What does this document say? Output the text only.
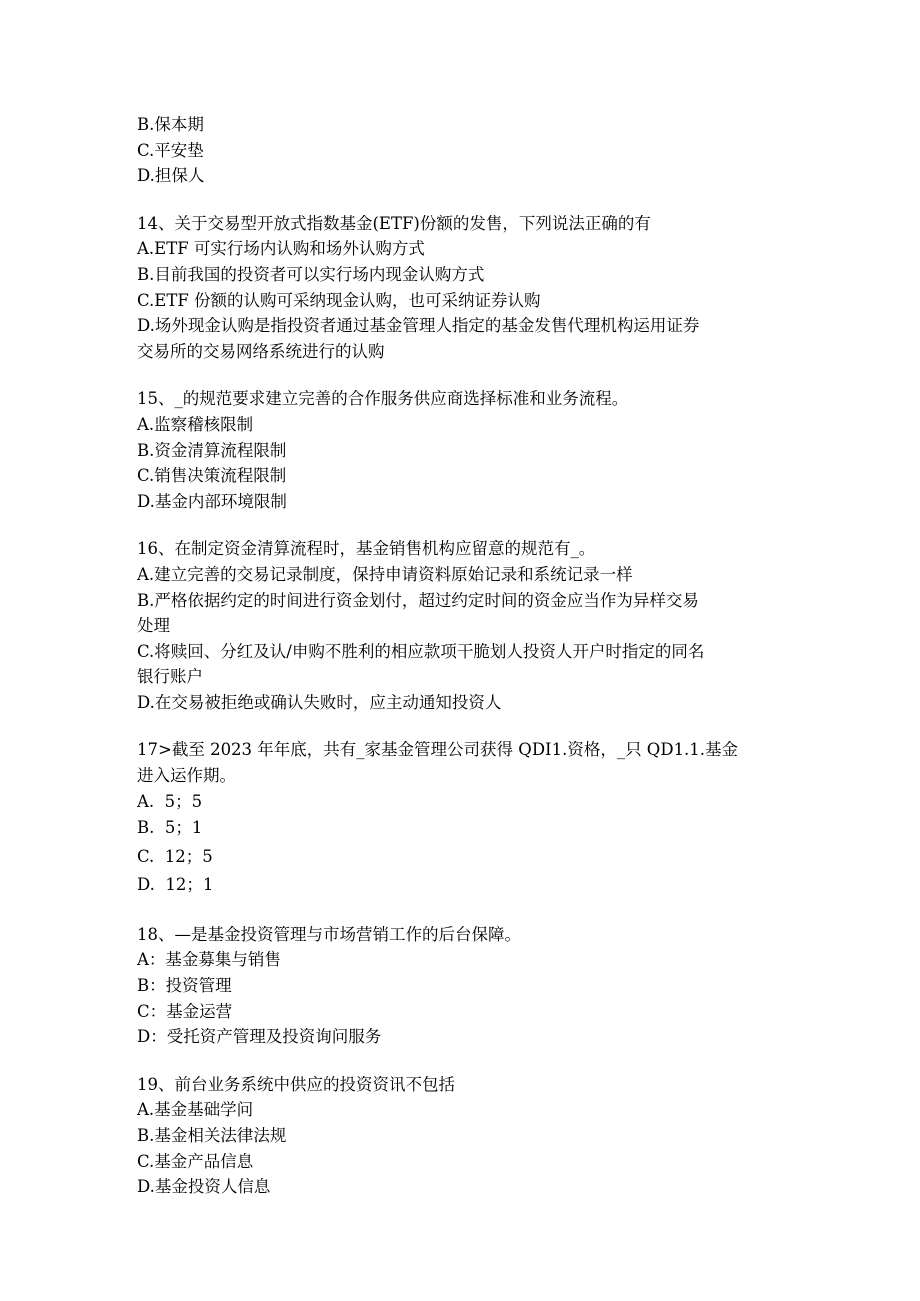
B.保本期
C.平安垫
D.担保人
14、关于交易型开放式指数基金(ETF)份额的发售，下列说法正确的有
A.ETF 可实行场内认购和场外认购方式
B.目前我国的投资者可以实行场内现金认购方式
C.ETF 份额的认购可采纳现金认购，也可采纳证券认购
D.场外现金认购是指投资者通过基金管理人指定的基金发售代理机构运用证券
交易所的交易网络系统进行的认购
15、_的规范要求建立完善的合作服务供应商选择标准和业务流程。
A.监察稽核限制
B.资金清算流程限制
C.销售决策流程限制
D.基金内部环境限制
16、在制定资金清算流程时，基金销售机构应留意的规范有_。
A.建立完善的交易记录制度，保持申请资料原始记录和系统记录一样
B.严格依据约定的时间进行资金划付，超过约定时间的资金应当作为异样交易
处理
C.将赎回、分红及认/申购不胜利的相应款项干脆划人投资人开户时指定的同名
银行账户
D.在交易被拒绝或确认失败时，应主动通知投资人
17>截至 2023 年年底，共有_家基金管理公司获得 QDI1.资格，_只 QD1.1.基金
进入运作期。
A.  5；5
B.  5；1
C.  12；5
D.  12；1
18、—是基金投资管理与市场营销工作的后台保障。
A：基金募集与销售
B：投资管理
C：基金运营
D：受托资产管理及投资询问服务
19、前台业务系统中供应的投资资讯不包括
A.基金基础学问
B.基金相关法律法规
C.基金产品信息
D.基金投资人信息
